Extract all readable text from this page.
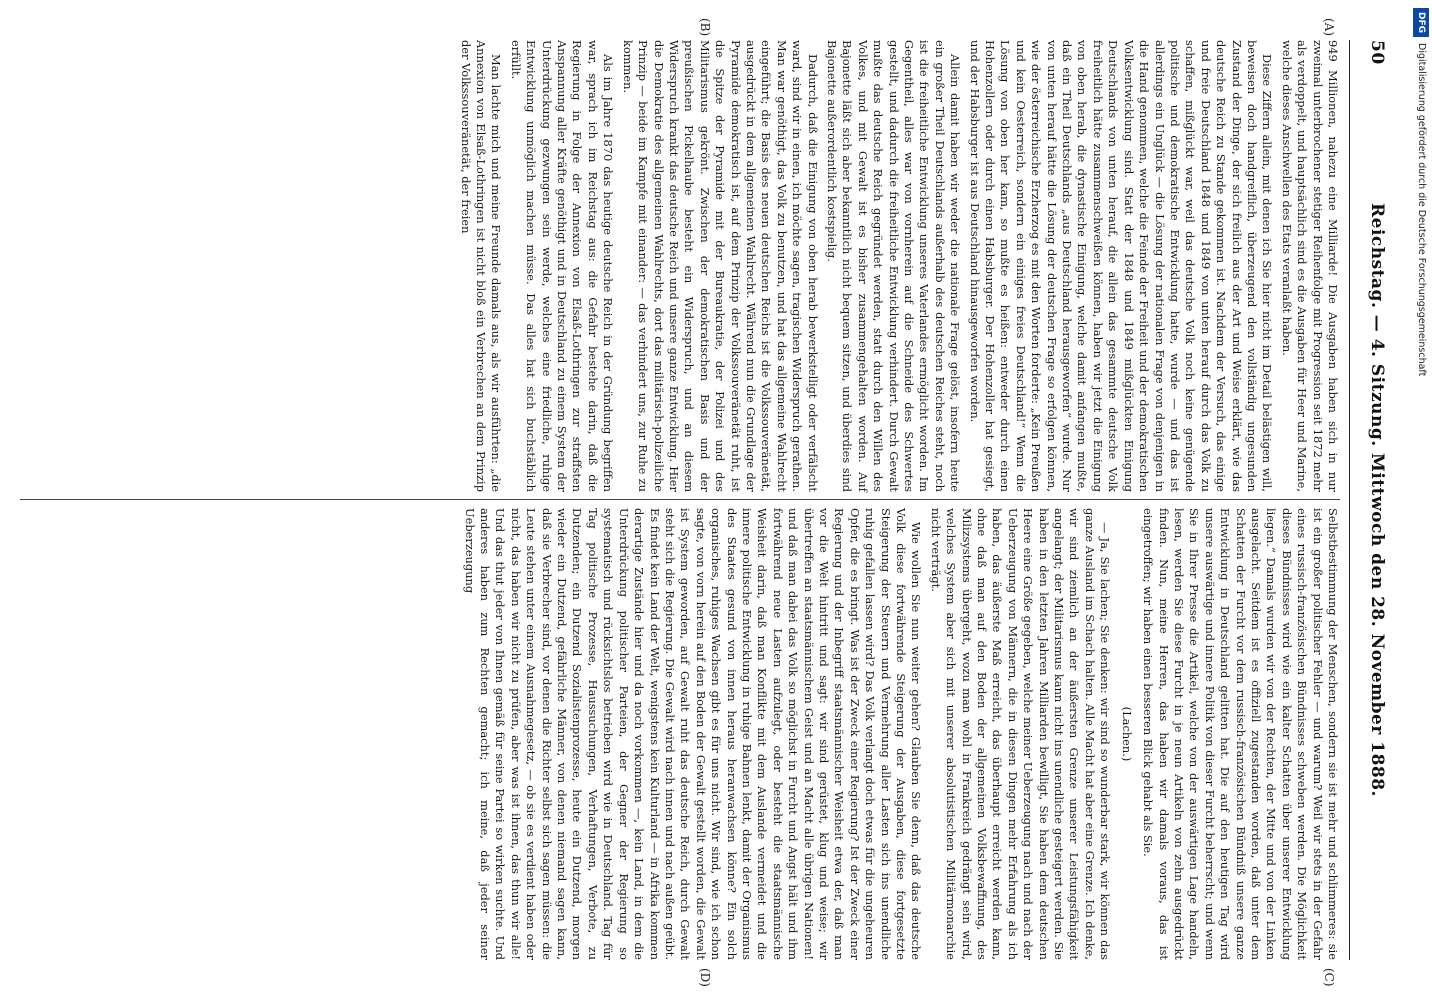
50
Reichstag. — 4. Sitzung. Mittwoch den 28. November 1888.
(A)
(B)
(C)
(D)

949 Millionen, nahezu eine Milliarde! Die Ausgaben haben sich in nur zweimal unterbrochener stetiger Reihenfolge mit Progression seit 1872 mehr als verdoppelt, und hauptsächlich sind es die Ausgaben für Heer und Marine, welche dieses Anschwellen des Etats veranlaßt haben.

Diese Ziffern allein, mit denen ich Sie hier nicht im Detail belästigen will, beweisen doch handgreiflich, überzeugend den vollständig ungesunden Zustand der Dinge, der sich freilich aus der Art und Weise erklärt, wie das deutsche Reich zu Stande gekommen ist. Nachdem der Versuch, das einige und freie Deutschland 1848 und 1849 von unten herauf durch das Volk zu schaffen, mißglückt war, weil das deutsche Volk noch keine genügende politische und demokratische Entwicklung hatte, wurde — und das ist allerdings ein Unglück — die Lösung der nationalen Frage von denjenigen in die Hand genommen, welche die Feinde der Freiheit und der demokratischen Volksentwicklung sind. Statt der 1848 und 1849 mißglückten Einigung Deutschlands von unten herauf, die allein das gesammte deutsche Volk freiheitlich hätte zusammenschweißen können, haben wir jetzt die Einigung von oben herab, die dynastische Einigung, welche damit anfangen mußte, daß ein Theil Deutschlands „aus Deutschland herausgeworfen“ wurde. Nur von unten herauf hätte die Lösung der deutschen Frage so erfolgen können, wie der österreichische Erzherzog es mit den Worten forderte: „Kein Preußen und kein Oesterreich, sondern ein einiges freies Deutschland!“ Wenn die Lösung von oben her kam, so mußte es heißen: entweder durch einen Hohenzollern oder durch einen Habsburger. Der Hohenzoller hat gesiegt, und der Habsburger ist aus Deutschland hinausgeworfen worden.

Allein damit haben wir weder die nationale Frage gelöst, insofern heute ein großer Theil Deutschlands außerhalb des deutschen Reiches steht, noch ist die freiheitliche Entwicklung unseres Vaterlandes ermöglicht worden. Im Gegentheil, alles war von vornherein auf die Schneide des Schwertes gestellt, und dadurch die freiheitliche Entwicklung verhindert. Durch Gewalt mußte das deutsche Reich gegründet werden, statt durch den Willen des Volkes, und mit Gewalt ist es bisher zusammengehalten worden. Auf Bajonette läßt sich aber bekanntlich nicht bequem sitzen, und überdies sind Bajonette außerordentlich kostspielig.

Dadurch, daß die Einigung von oben herab bewerkstelligt oder verfälscht ward, sind wir in einen, ich möchte sagen, tragischen Widerspruch gerathen. Man war genöthigt, das Volk zu benutzen, und hat das allgemeine Wahlrecht eingeführt; die Basis des neuen deutschen Reichs ist die Volkssouveränetät, ausgedrückt in dem allgemeinen Wahlrecht. Während nun die Grundlage der Pyramide demokratisch ist, auf dem Prinzip der Volkssouveränetät ruht, ist die Spitze der Pyramide mit der Bureaukratie, der Polizei und des Militarismus gekrönt. Zwischen der demokratischen Basis und der preußischen Pickelhaube besteht ein Widerspruch, und an diesem Widerspruch krankt das deutsche Reich und unsere ganze Entwicklung. Hier die Demokratie des allgemeinen Wahlrechts, dort das militärisch-polizeiliche Prinzip — beide im Kampfe mit einander: — das verhindert uns, zur Ruhe zu kommen.

Als im Jahre 1870 das heutige deutsche Reich in der Gründung begriffen war, sprach ich im Reichstag aus: die Gefahr bestehe darin, daß die Regierung in Folge der Annexion von Elsaß-Lothringen zur straffsten Anspannung aller Kräfte genöthigt und in Deutschland zu einem System der Unterdrückung gezwungen sein werde, welches eine friedliche, ruhige Entwicklung unmöglich machen müsse. Das alles hat sich buchstäblich erfüllt.

Man lachte mich und meine Freunde damals aus, als wir ausführten: „die Annexion von Elsaß-Lothringen ist nicht bloß ein Verbrechen an dem Prinzip der Volkssouveränetät, der freien

Selbstbestimmung der Menschen, sondern sie ist mehr und schlimmeres: sie ist ein großer politischer Fehler — und warum? Weil wir stets in der Gefahr eines russisch-französischen Bündnisses schweben werden. Die Möglichkeit dieses Bündnisses wird wie ein kalter Schatten über unserer Entwicklung liegen.“ Damals wurden wir von der Rechten, der Mitte und von der Linken ausgelacht. Seitdem ist es offiziell zugestanden worden, daß unter dem Schatten der Furcht vor dem russisch-französischen Bündniß unsere ganze Entwicklung in Deutschland gelitten hat. Die auf den heutigen Tag wird unsere auswärtige und innere Politik von dieser Furcht beherrscht; und wenn Sie in Ihrer Presse die Artikel, welche von der auswärtigen Lage handeln, lesen, werden Sie diese Furcht in je neun Artikeln von zehn ausgedrückt finden. Nun, meine Herren, das haben wir damals voraus, das ist eingetroffen; wir haben einen besseren Blick gehabt als Sie.

(Lachen.)

— Ja, Sie lachen; Sie denken: wir sind so wunderbar stark, wir können das ganze Ausland im Schach halten. Alle Macht hat aber eine Grenze. Ich denke, wir sind ziemlich an der äußersten Grenze unserer Leistungsfähigkeit angelangt; der Militarismus kann nicht ins unendliche gesteigert werden. Sie haben in den letzten Jahren Milliarden bewilligt, Sie haben dem deutschen Heere eine Größe gegeben, welche meiner Ueberzeugung nach und nach der Ueberzeugung von Männern, die in diesen Dingen mehr Erfahrung als ich haben, das äußerste Maß erreicht, das überhaupt erreicht werden kann, ohne daß man auf den Boden der allgemeinen Volksbewaffnung, des Milizsystems übergeht, wozu man wohl in Frankreich gedrängt sein wird, welches System aber sich mit unserer absolutistischen Militärmonarchie nicht verträgt.

Wie wollen Sie nun weiter gehen? Glauben Sie denn, daß das deutsche Volk diese fortwährende Steigerung der Ausgaben, diese fortgesetzte Steigerung der Steuern und Vermehrung aller Lasten sich ins unendliche ruhig gefallen lassen wird? Das Volk verlangt doch etwas für die ungeheuren Opfer, die es bringt. Was ist der Zweck einer Regierung? Ist der Zweck einer Regierung und der Inbegriff staatsmännischer Weisheit etwa der, daß man vor die Welt hintritt und sagt: wir sind gerüstet, klug und weise; wir übertreffen an staatsmännischem Geist und an Macht alle übrigen Nationen! und daß man dabei das Volk so möglichst in Furcht und Angst hält und ihm fortwährend neue Lasten aufzulegt, oder besteht die staatsmännische Weisheit darin, daß man Konflikte mit dem Auslande vermeidet und die innere politische Entwicklung in ruhige Bahnen lenkt, damit der Organismus des Staates gesund von innen heraus heranwachsen könne? Ein solch organisches, ruhiges Wachsen gibt es für uns nicht. Wir sind, wie ich schon sagte, von vorn herein auf den Boden der Gewalt gestellt worden, die Gewalt ist System geworden, auf Gewalt ruht das deutsche Reich, durch Gewalt steht sich die Regierung. Die Gewalt wird nach innen und nach außen geübt. Es findet kein Land der Welt, wenigstens kein Kulturland — in Afrika kommen derartige Zustände hier und da noch vorkommen —, kein Land, in dem die Unterdrückung politischer Parteien, der Gegner der Regierung so systematisch und rücksichtslos betrieben wird wie in Deutschland. Tag für Tag politische Prozesse, Haussuchungen, Verhaftungen, Verbote, zu Dutzenden; ein Dutzend Sozialistenprozesse, heute ein Dutzend, morgen wieder ein Dutzend, gefährliche Männer, von denen niemand sagen kann, daß sie Verbrecher sind, vor denen die Richter selbst sich sagen müssen: die Leute stehen unter einem Ausnahmegesetz, — ob sie es verdient haben oder nicht, das haben wir nicht zu prüfen, aber was ist ihnen, das thun wir alle! Und das thut jeder von Ihnen gemäß für seine Partei so wirken suchte. Und anderes haben zum Rechten gemacht; ich meine, daß jeder seiner Ueberzeugung

DFGDigitalisierung gefördert durch die Deutsche Forschungsgemeinschaft
